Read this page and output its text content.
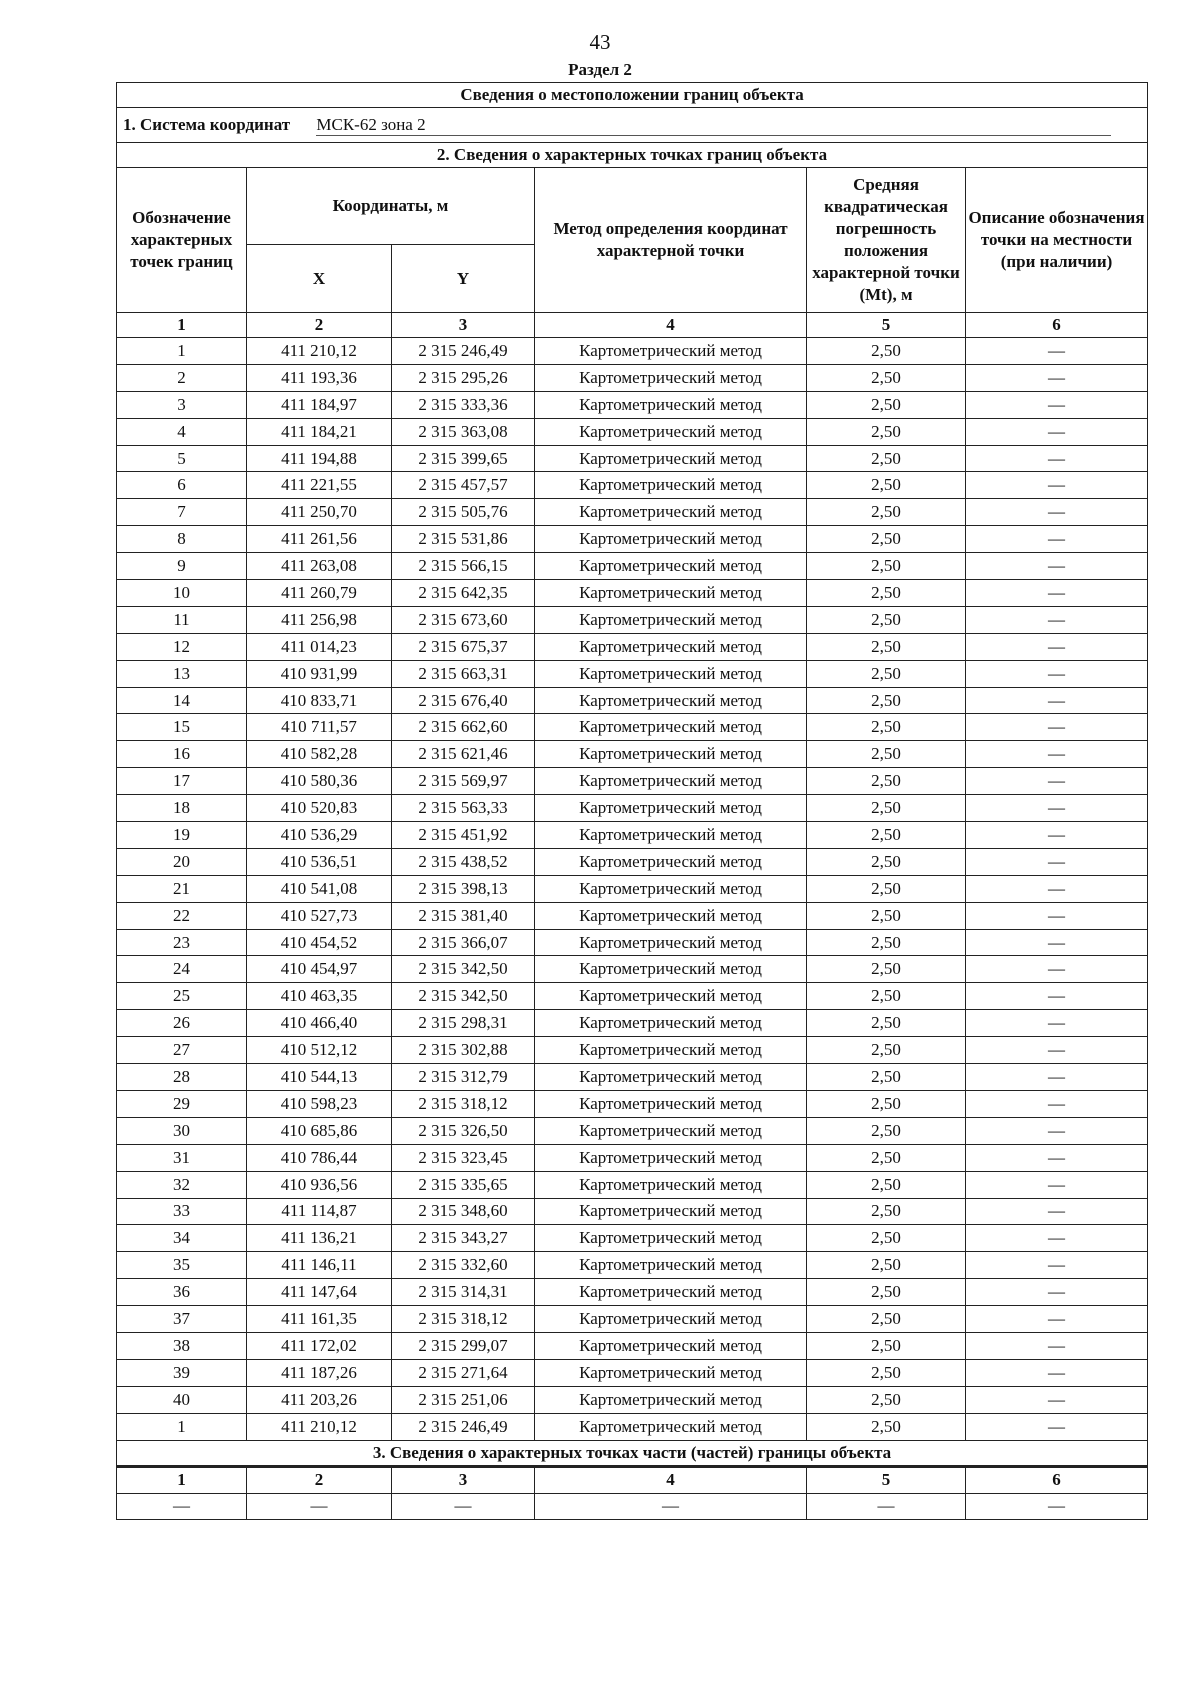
43
Раздел 2
Сведения о местоположении границ объекта					
1. Система координат МСК-62 зона 2					
2. Сведения о характерных точках границ объекта					
Обозначение характерных точек границ	Координаты, м		Метод определения координат характерной точки	Средняя квадратическая погрешность положения характерной точки (Mt), м	Описание обозначения точки на местности (при наличии)
	X	Y			
1	2	3	4	5	6
1	411 210,12	2 315 246,49	Картометрический метод	2,50	—
2	411 193,36	2 315 295,26	Картометрический метод	2,50	—
3	411 184,97	2 315 333,36	Картометрический метод	2,50	—
4	411 184,21	2 315 363,08	Картометрический метод	2,50	—
5	411 194,88	2 315 399,65	Картометрический метод	2,50	—
6	411 221,55	2 315 457,57	Картометрический метод	2,50	—
7	411 250,70	2 315 505,76	Картометрический метод	2,50	—
8	411 261,56	2 315 531,86	Картометрический метод	2,50	—
9	411 263,08	2 315 566,15	Картометрический метод	2,50	—
10	411 260,79	2 315 642,35	Картометрический метод	2,50	—
11	411 256,98	2 315 673,60	Картометрический метод	2,50	—
12	411 014,23	2 315 675,37	Картометрический метод	2,50	—
13	410 931,99	2 315 663,31	Картометрический метод	2,50	—
14	410 833,71	2 315 676,40	Картометрический метод	2,50	—
15	410 711,57	2 315 662,60	Картометрический метод	2,50	—
16	410 582,28	2 315 621,46	Картометрический метод	2,50	—
17	410 580,36	2 315 569,97	Картометрический метод	2,50	—
18	410 520,83	2 315 563,33	Картометрический метод	2,50	—
19	410 536,29	2 315 451,92	Картометрический метод	2,50	—
20	410 536,51	2 315 438,52	Картометрический метод	2,50	—
21	410 541,08	2 315 398,13	Картометрический метод	2,50	—
22	410 527,73	2 315 381,40	Картометрический метод	2,50	—
23	410 454,52	2 315 366,07	Картометрический метод	2,50	—
24	410 454,97	2 315 342,50	Картометрический метод	2,50	—
25	410 463,35	2 315 342,50	Картометрический метод	2,50	—
26	410 466,40	2 315 298,31	Картометрический метод	2,50	—
27	410 512,12	2 315 302,88	Картометрический метод	2,50	—
28	410 544,13	2 315 312,79	Картометрический метод	2,50	—
29	410 598,23	2 315 318,12	Картометрический метод	2,50	—
30	410 685,86	2 315 326,50	Картометрический метод	2,50	—
31	410 786,44	2 315 323,45	Картометрический метод	2,50	—
32	410 936,56	2 315 335,65	Картометрический метод	2,50	—
33	411 114,87	2 315 348,60	Картометрический метод	2,50	—
34	411 136,21	2 315 343,27	Картометрический метод	2,50	—
35	411 146,11	2 315 332,60	Картометрический метод	2,50	—
36	411 147,64	2 315 314,31	Картометрический метод	2,50	—
37	411 161,35	2 315 318,12	Картометрический метод	2,50	—
38	411 172,02	2 315 299,07	Картометрический метод	2,50	—
39	411 187,26	2 315 271,64	Картометрический метод	2,50	—
40	411 203,26	2 315 251,06	Картометрический метод	2,50	—
1	411 210,12	2 315 246,49	Картометрический метод	2,50	—
3. Сведения о характерных точках части (частей) границы объекта					
1	2	3	4	5	6
—	—	—	—	—	—
